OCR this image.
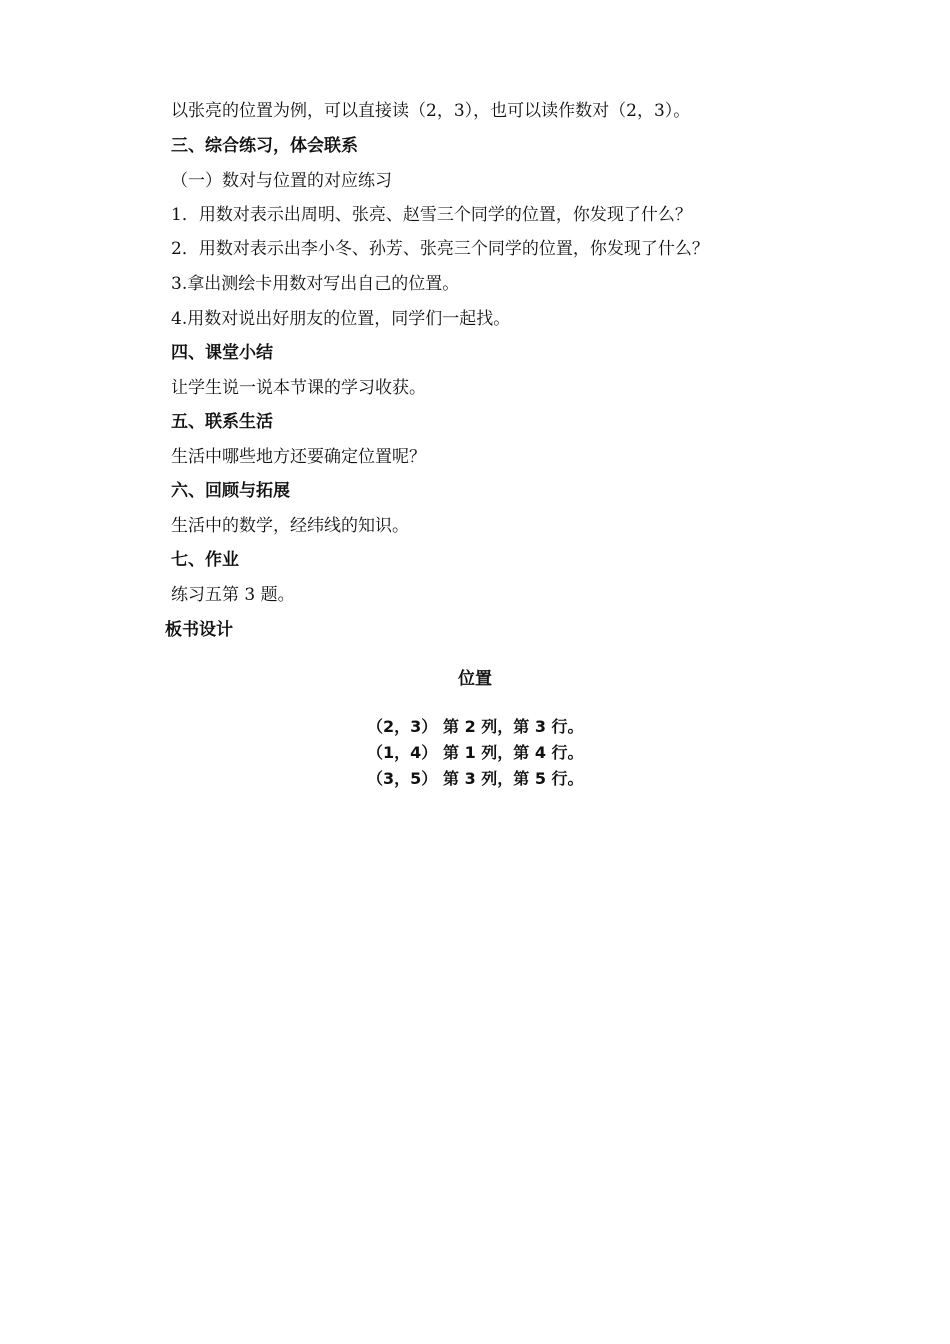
以张亮的位置为例，可以直接读（2，3），也可以读作数对（2，3）。
三、综合练习，体会联系
（一）数对与位置的对应练习
1．用数对表示出周明、张亮、赵雪三个同学的位置，你发现了什么？
2．用数对表示出李小冬、孙芳、张亮三个同学的位置，你发现了什么？
3.拿出测绘卡用数对写出自己的位置。
4.用数对说出好朋友的位置，同学们一起找。
四、课堂小结
让学生说一说本节课的学习收获。
五、联系生活
生活中哪些地方还要确定位置呢？
六、回顾与拓展
生活中的数学，经纬线的知识。
七、作业
练习五第 3 题。
板书设计
位置
（2，3） 第 2 列，第 3 行。
（1，4） 第 1 列，第 4 行。
（3，5） 第 3 列，第 5 行。
